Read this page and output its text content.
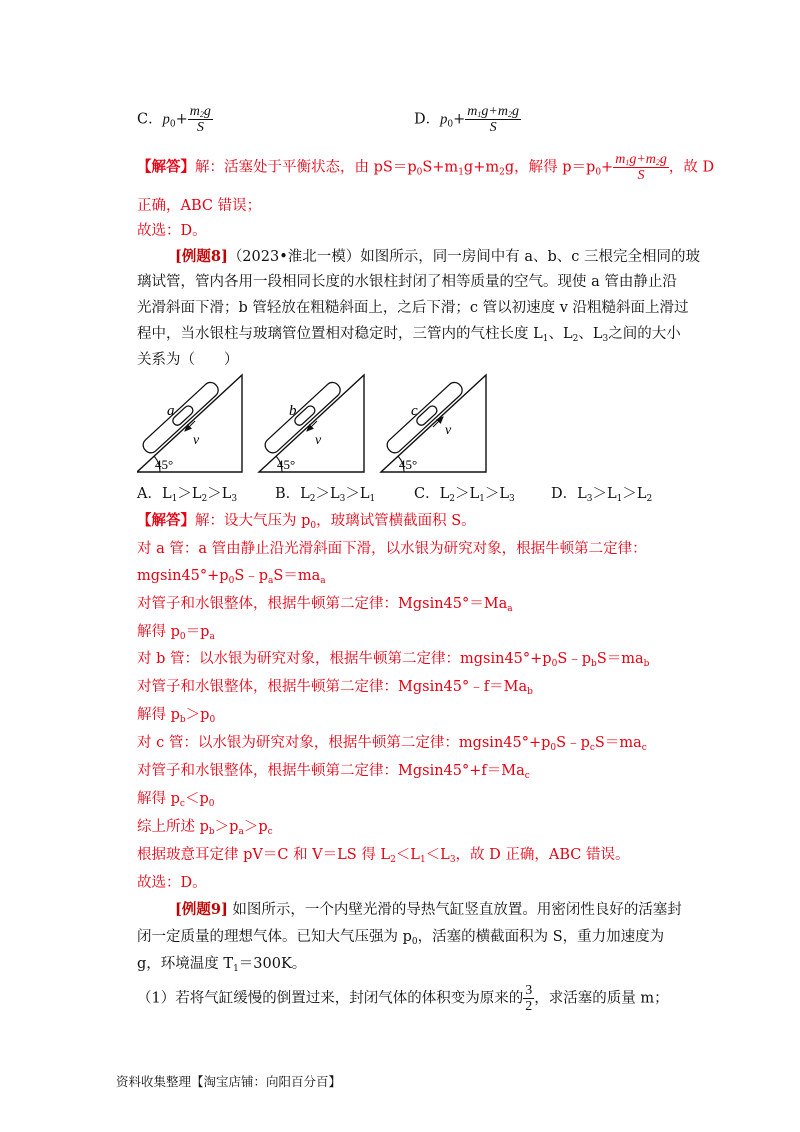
C．$p_0+ \frac{m_2g}{S}$	D．$p_0+ \frac{m_1g+m_2g}{S}$
【解答】解：活塞处于平衡状态，由 $pS=p_0S+m_1g+m_2g$，解得 $p=p_0+ \frac{m_1g+m_2g}{S}$ ，故 D
正确，ABC 错误；
故选：D。
[例题8]（2023•淮北一模）如图所示，同一房间中有 a、b、c 三根完全相同的玻
璃试管，管内各用一段相同长度的水银柱封闭了相等质量的空气。现使 a 管由静止沿
光滑斜面下滑；b 管轻放在粗糙斜面上，之后下滑；c 管以初速度 v 沿粗糙斜面上滑过
程中，当水银柱与玻璃管位置相对稳定时，三管内的气柱长度 $L_1$、$L_2$、$L_3$之间的大小
关系为（　　）
a
v
45°
b
v
45°
c
v
45°
A．$L_1>L_2>L_3$	B．$L_2>L_3>L_1$	C．$L_2>L_1>L_3$	D．$L_3>L_1>L_2$
【解答】解：设大气压为 $p_0$，玻璃试管横截面积 S。
对 a 管：a 管由静止沿光滑斜面下滑，以水银为研究对象，根据牛顿第二定律：
$mgsin45^\circ+p_0S﹣p_aS=ma_a$
对管子和水银整体，根据牛顿第二定律：$Mgsin45^\circ=Ma_a$
解得 $p_0=p_a$
对 b 管：以水银为研究对象，根据牛顿第二定律：$mgsin45^\circ+p_0S﹣p_bS=ma_b$
对管子和水银整体，根据牛顿第二定律：$Mgsin45^\circ﹣f=Ma_b$
解得 $p_b>p_0$
对 c 管：以水银为研究对象，根据牛顿第二定律：$mgsin45^\circ+p_0S﹣p_cS=ma_c$
对管子和水银整体，根据牛顿第二定律：$Mgsin45^\circ+f=Ma_c$
解得 $p_c<p_0$
综上所述 $p_b>p_a>p_c$
根据玻意耳定律 pV＝C 和 V＝LS 得 $L_2<L_1<L_3$，故 D 正确，ABC 错误。
故选：D。
[例题9] 如图所示，一个内壁光滑的导热气缸竖直放置。用密闭性良好的活塞封
闭一定质量的理想气体。已知大气压强为 $p_0$，活塞的横截面积为 S，重力加速度为
g，环境温度 $T_1=300K$。
（1）若将气缸缓慢的倒置过来，封闭气体的体积变为原来的 $\frac{3}{2}$ ，求活塞的质量 m；
资料收集整理【淘宝店铺：向阳百分百】
